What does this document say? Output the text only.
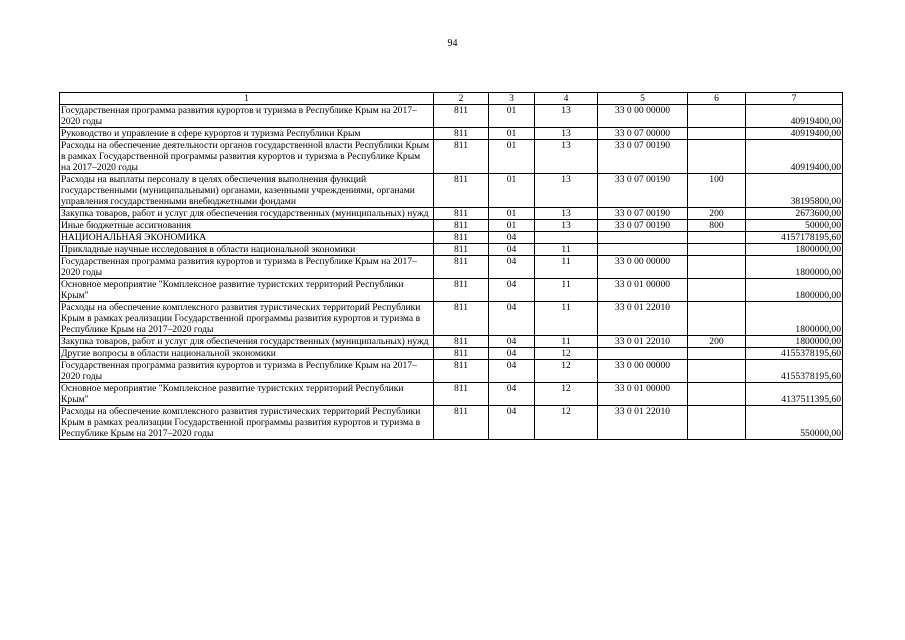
94
1	2	3	4	5	6	7
Государственная программа развития курортов и туризма в Республике Крым на 2017–2020 годы	811	01	13	33 0 00 00000		40919400,00
Руководство и управление в сфере курортов и туризма Республики Крым	811	01	13	33 0 07 00000		40919400,00
Расходы на обеспечение деятельности органов государственной власти Республики Крым в рамках Государственной программы развития курортов и туризма в Республике Крым на 2017–2020 годы	811	01	13	33 0 07 00190		40919400,00
Расходы на выплаты персоналу в целях обеспечения выполнения функций государственными (муниципальными) органами, казенными учреждениями, органами управления государственными внебюджетными фондами	811	01	13	33 0 07 00190	100	38195800,00
Закупка товаров, работ и услуг для обеспечения государственных (муниципальных) нужд	811	01	13	33 0 07 00190	200	2673600,00
Иные бюджетные ассигнования	811	01	13	33 0 07 00190	800	50000,00
НАЦИОНАЛЬНАЯ ЭКОНОМИКА	811	04				4157178195,60
Прикладные научные исследования в области национальной экономики	811	04	11			1800000,00
Государственная программа развития курортов и туризма в Республике Крым на 2017–2020 годы	811	04	11	33 0 00 00000		1800000,00
Основное мероприятие "Комплексное развитие туристских территорий Республики Крым"	811	04	11	33 0 01 00000		1800000,00
Расходы на обеспечение комплексного развития туристических территорий Республики Крым в рамках реализации Государственной программы развития курортов и туризма в Республике Крым на 2017–2020 годы	811	04	11	33 0 01 22010		1800000,00
Закупка товаров, работ и услуг для обеспечения государственных (муниципальных) нужд	811	04	11	33 0 01 22010	200	1800000,00
Другие вопросы в области национальной экономики	811	04	12			4155378195,60
Государственная программа развития курортов и туризма в Республике Крым на 2017–2020 годы	811	04	12	33 0 00 00000		4155378195,60
Основное мероприятие "Комплексное развитие туристских территорий Республики Крым"	811	04	12	33 0 01 00000		4137511395,60
Расходы на обеспечение комплексного развития туристических территорий Республики Крым в рамках реализации Государственной программы развития курортов и туризма в Республике Крым на 2017–2020 годы	811	04	12	33 0 01 22010		550000,00
